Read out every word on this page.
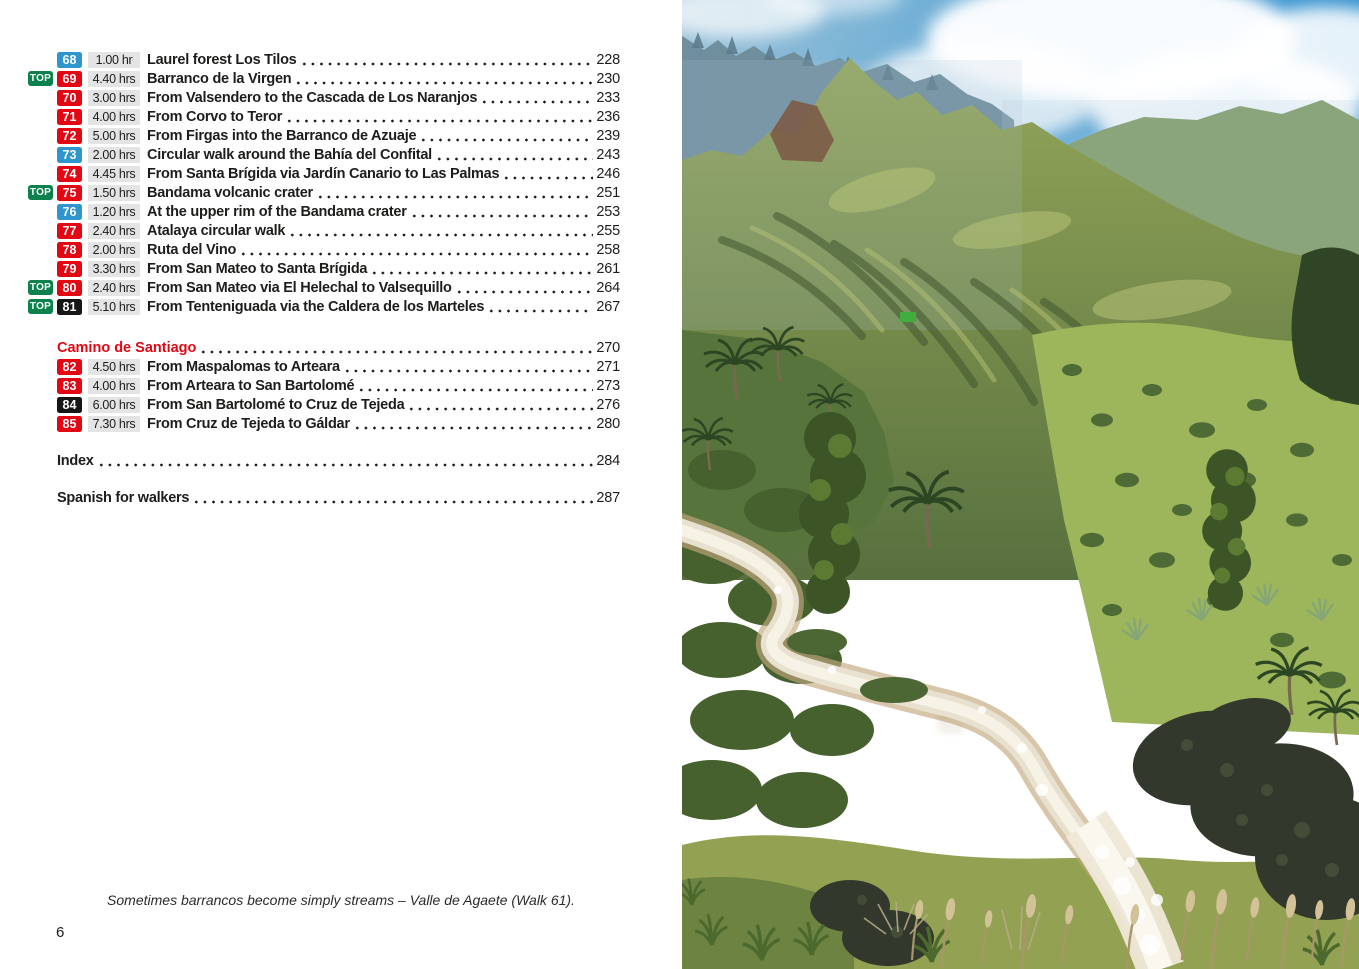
68	1.00 hr	Laurel forest Los Tilos	228
TOP 69	4.40 hrs Barranco de la Virgen	230
70	3.00 hrs From Valsendero to the Cascada de Los Naranjos	233
71	4.00 hrs From Corvo to Teror	236
72	5.00 hrs From Firgas into the Barranco de Azuaje	239
73	2.00 hrs Circular walk around the Bahía del Confital	243
74	4.45 hrs From Santa Brígida via Jardín Canario to Las Palmas	246
TOP 75	1.50 hrs Bandama volcanic crater	251
76	1.20 hrs At the upper rim of the Bandama crater	253
77	2.40 hrs Atalaya circular walk	255
78	2.00 hrs Ruta del Vino	258
79	3.30 hrs From San Mateo to Santa Brígida	261
TOP 80	2.40 hrs From San Mateo via El Helechal to Valsequillo	264
TOP 81	5.10 hrs From Tenteniguada via the Caldera de los Marteles	267
Camino de Santiago	270
82	4.50 hrs From Maspalomas to Arteara	271
83	4.00 hrs From Arteara to San Bartolomé	273
84	6.00 hrs From San Bartolomé to Cruz de Tejeda	276
85	7.30 hrs From Cruz de Tejeda to Gáldar	280
Index	284
Spanish for walkers	287
Sometimes barrancos become simply streams – Valle de Agaete (Walk 61).
6
